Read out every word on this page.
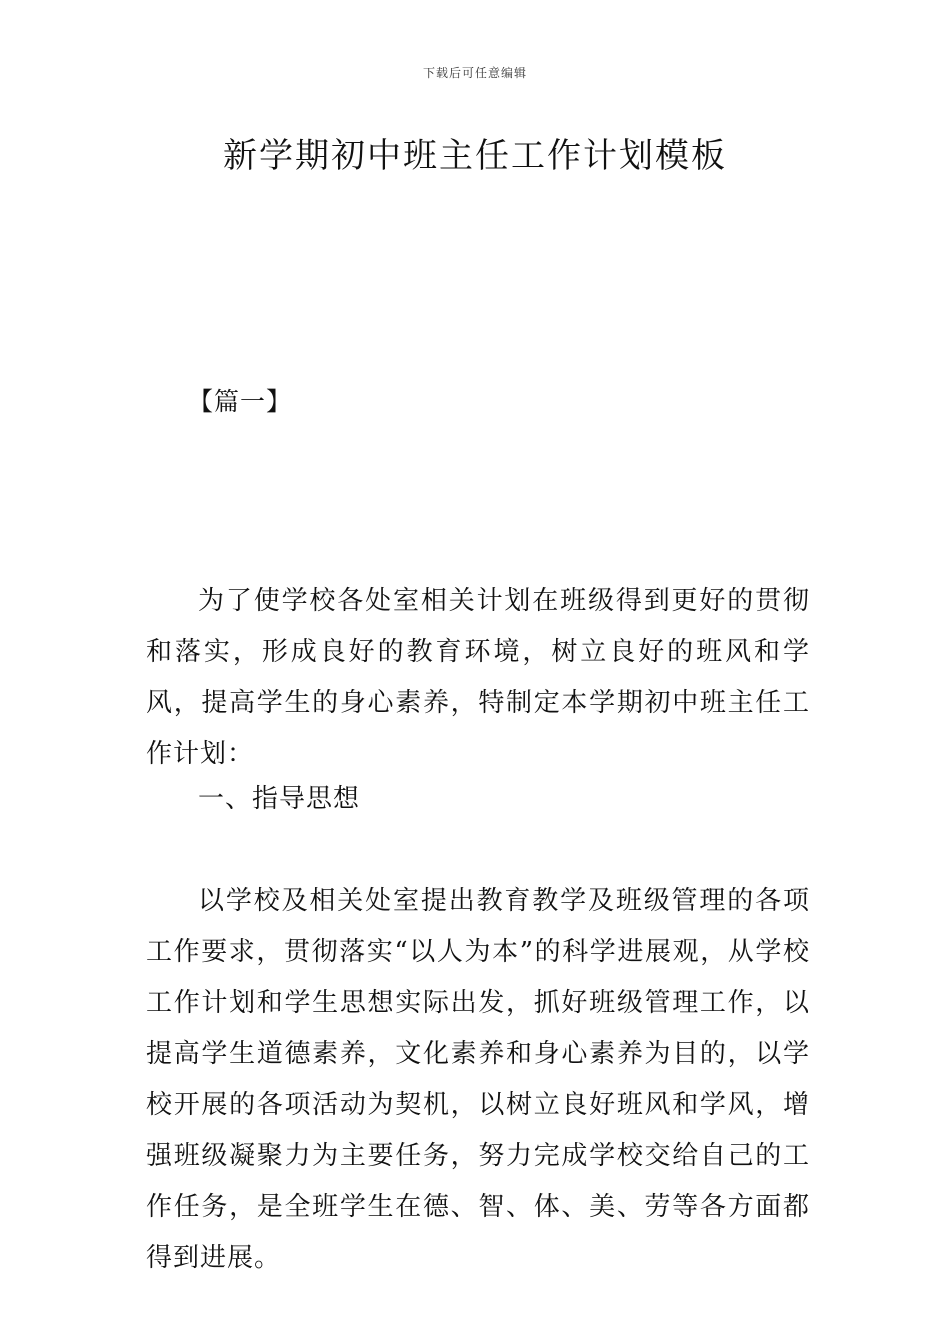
下载后可任意编辑
新学期初中班主任工作计划模板
【篇一】

为了使学校各处室相关计划在班级得到更好的贯彻和落实，形成良好的教育环境，树立良好的班风和学风，提高学生的身心素养，特制定本学期初中班主任工作计划：

一、指导思想

以学校及相关处室提出教育教学及班级管理的各项工作要求，贯彻落实“以人为本”的科学进展观，从学校工作计划和学生思想实际出发，抓好班级管理工作，以提高学生道德素养，文化素养和身心素养为目的，以学校开展的各项活动为契机，以树立良好班风和学风，增强班级凝聚力为主要任务，努力完成学校交给自己的工作任务，是全班学生在德、智、体、美、劳等各方面都得到进展。
